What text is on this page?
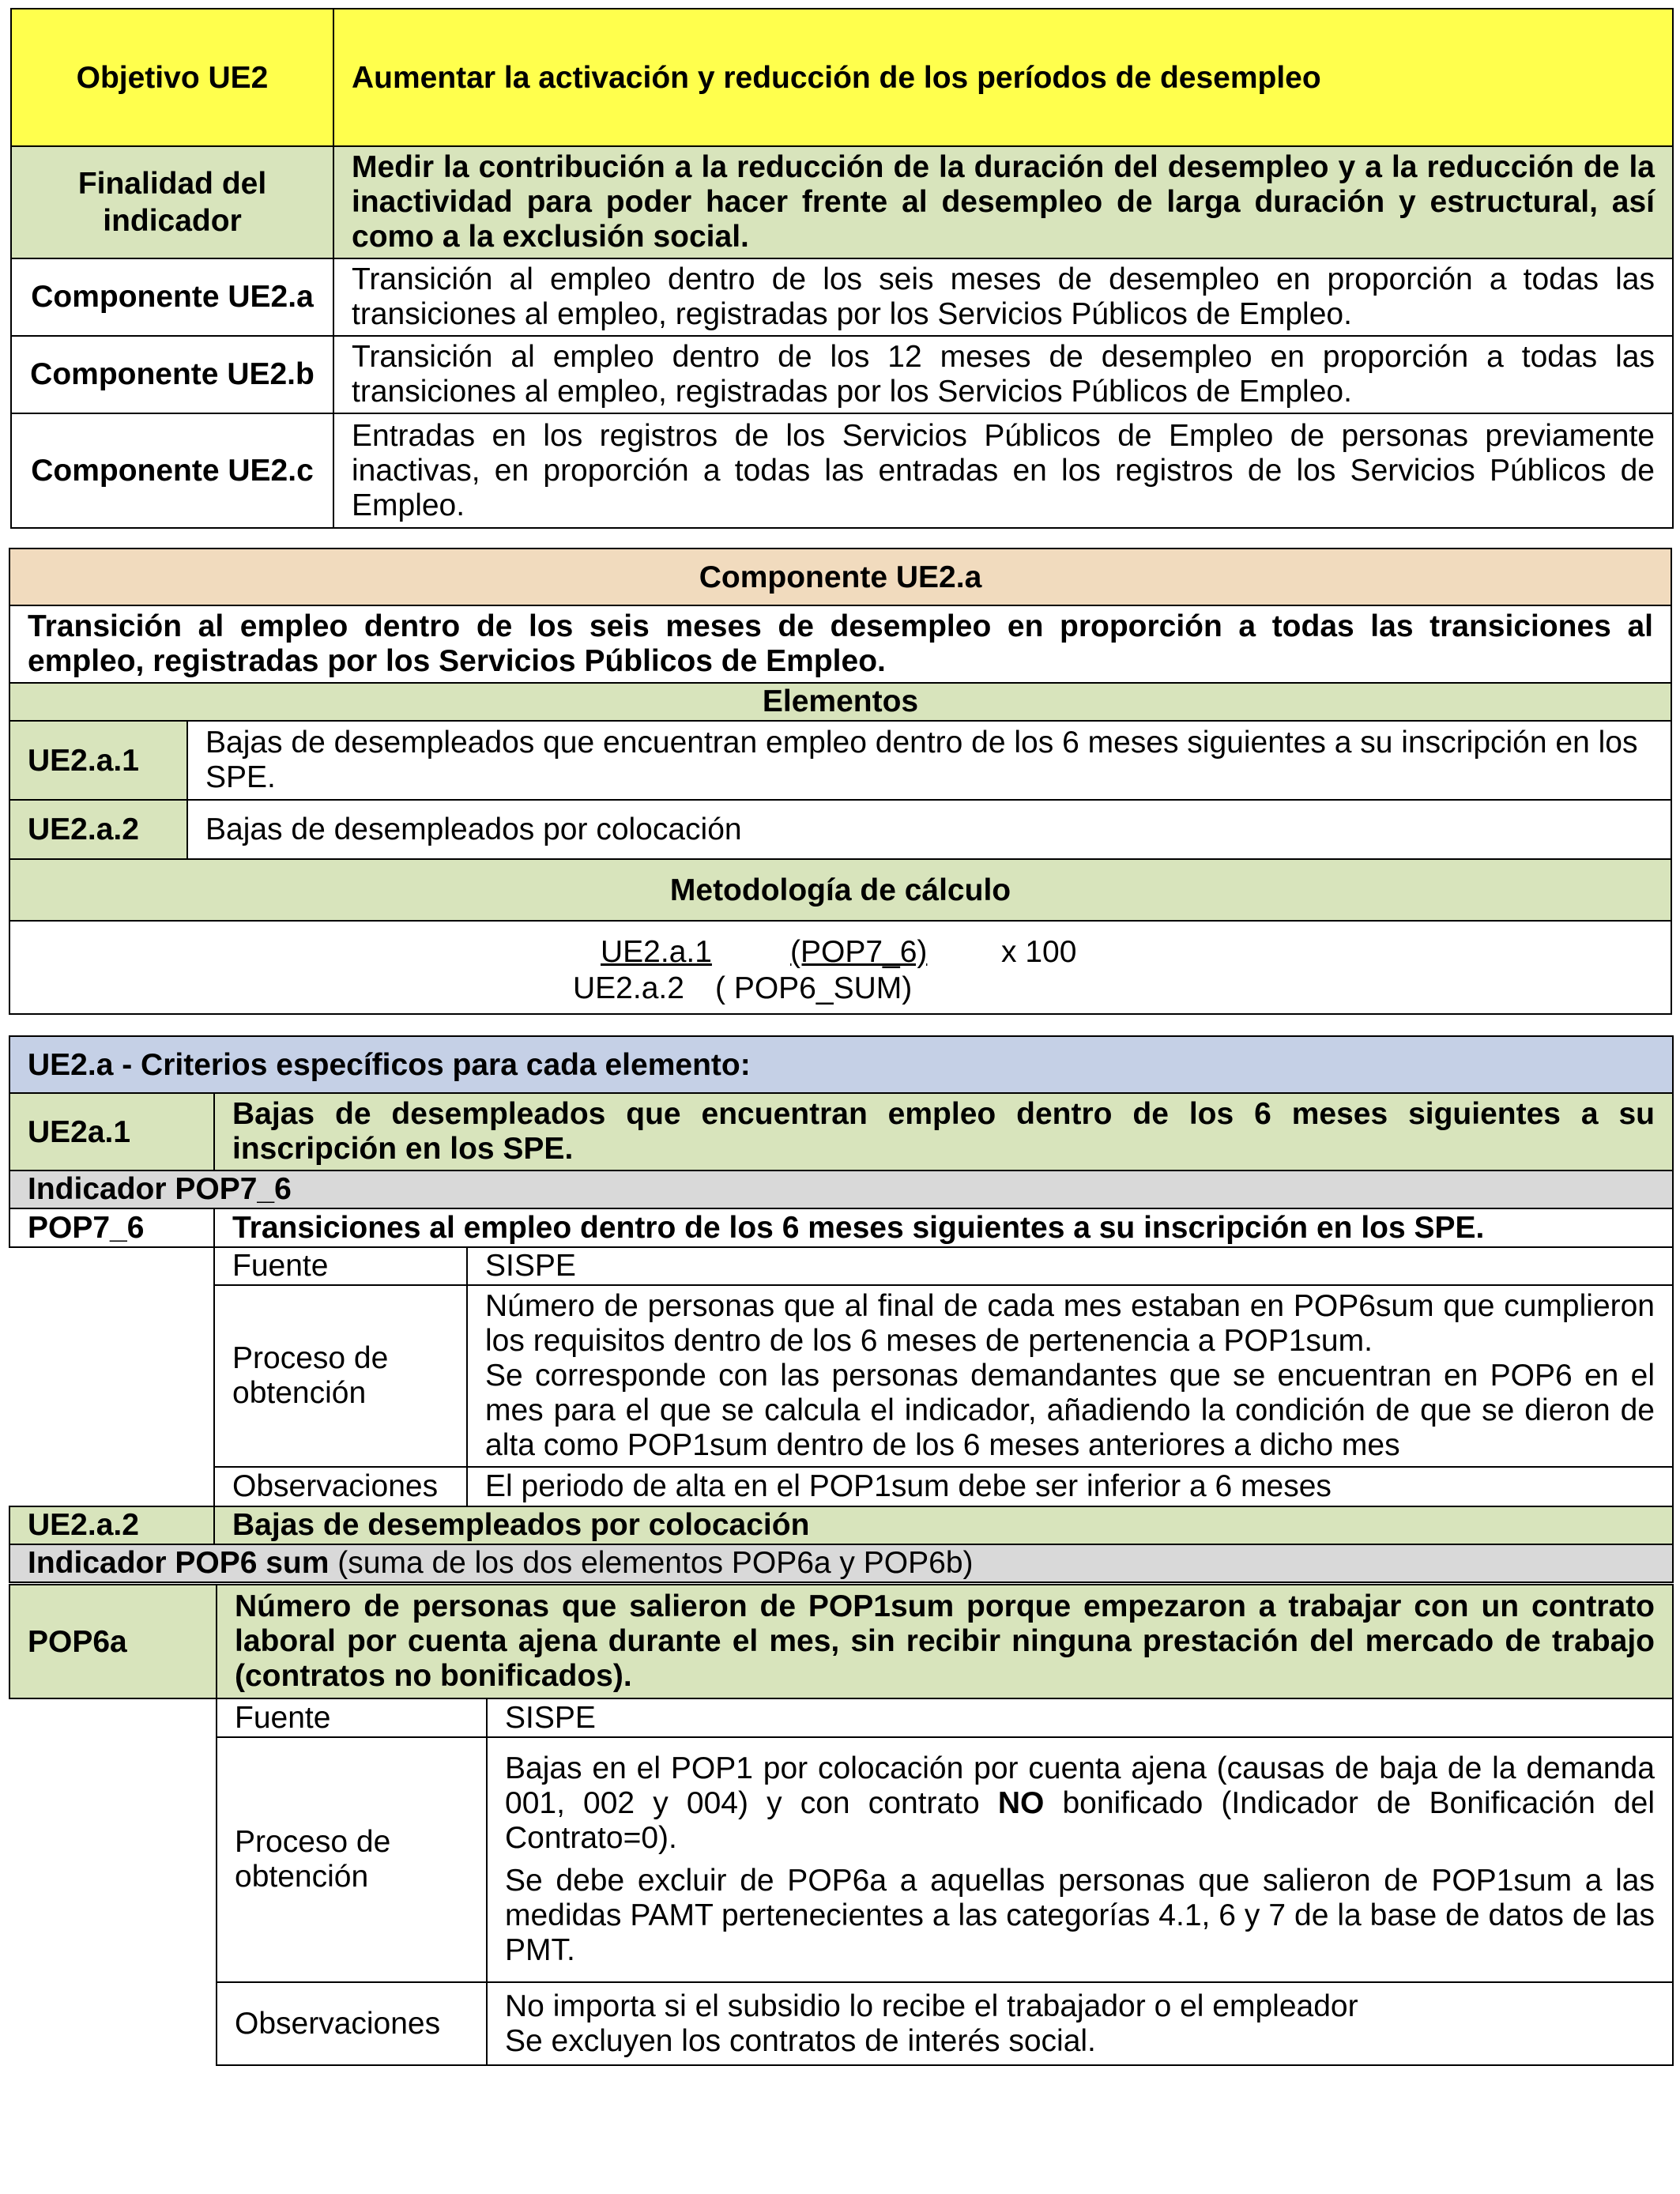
Objetivo UE2	Aumentar la activación y reducción de los períodos de desempleo
Finalidad del indicador	Medir la contribución a la reducción de la duración del desempleo y a la reducción de la inactividad para poder hacer frente al desempleo de larga duración y estructural, así como a la exclusión social.
Componente UE2.a	Transición al empleo dentro de los seis meses de desempleo en proporción a todas las transiciones al empleo, registradas por los Servicios Públicos de Empleo.
Componente UE2.b	Transición al empleo dentro de los 12 meses de desempleo en proporción a todas las transiciones al empleo, registradas por los Servicios Públicos de Empleo.
Componente UE2.c	Entradas en los registros de los Servicios Públicos de Empleo de personas previamente inactivas, en proporción a todas las entradas en los registros de los Servicios Públicos de Empleo.
Componente UE2.a	
Transición al empleo dentro de los seis meses de desempleo en proporción a todas las transiciones al empleo, registradas por los Servicios Públicos de Empleo.	
Elementos	
UE2.a.1	Bajas de desempleados que encuentran empleo dentro de los 6 meses siguientes a su inscripción en los SPE.
UE2.a.2	Bajas de desempleados por colocación
Metodología de cálculo	

UE2.a.1 (POP7_6) x 100
UE2.a.2 ( POP6_SUM)	
UE2.a - Criterios específicos para cada elemento:		
UE2a.1	Bajas de desempleados que encuentran empleo dentro de los 6 meses siguientes a su inscripción en los SPE.	
Indicador POP7_6		
POP7_6	Transiciones al empleo dentro de los 6 meses siguientes a su inscripción en los SPE.	
	Fuente	SISPE
	Proceso de obtención	Número de personas que al final de cada mes estaban en POP6sum que cumplieron los requisitos dentro de los 6 meses de pertenencia a POP1sum.
Se corresponde con las personas demandantes que se encuentran en POP6 en el mes para el que se calcula el indicador, añadiendo la condición de que se dieron de alta como POP1sum dentro de los 6 meses anteriores a dicho mes

	Observaciones	El periodo de alta en el POP1sum debe ser inferior a 6 meses
UE2.a.2	Bajas de desempleados por colocación	
Indicador POP6 sum (suma de los dos elementos POP6a y POP6b)		
POP6a	Número de personas que salieron de POP1sum porque empezaron a trabajar con un contrato laboral por cuenta ajena durante el mes, sin recibir ninguna prestación del mercado de trabajo (contratos no bonificados).	
	Fuente	SISPE
	Proceso de obtención	Bajas en el POP1 por colocación por cuenta ajena (causas de baja de la demanda 001, 002 y 004) y con contrato NO bonificado (Indicador de Bonificación del Contrato=0).
Se debe excluir de POP6a a aquellas personas que salieron de POP1sum a las medidas PAMT pertenecientes a las categorías 4.1, 6 y 7 de la base de datos de las PMT.

	Observaciones	No importa si el subsidio lo recibe el trabajador o el empleador
Se excluyen los contratos de interés social.
